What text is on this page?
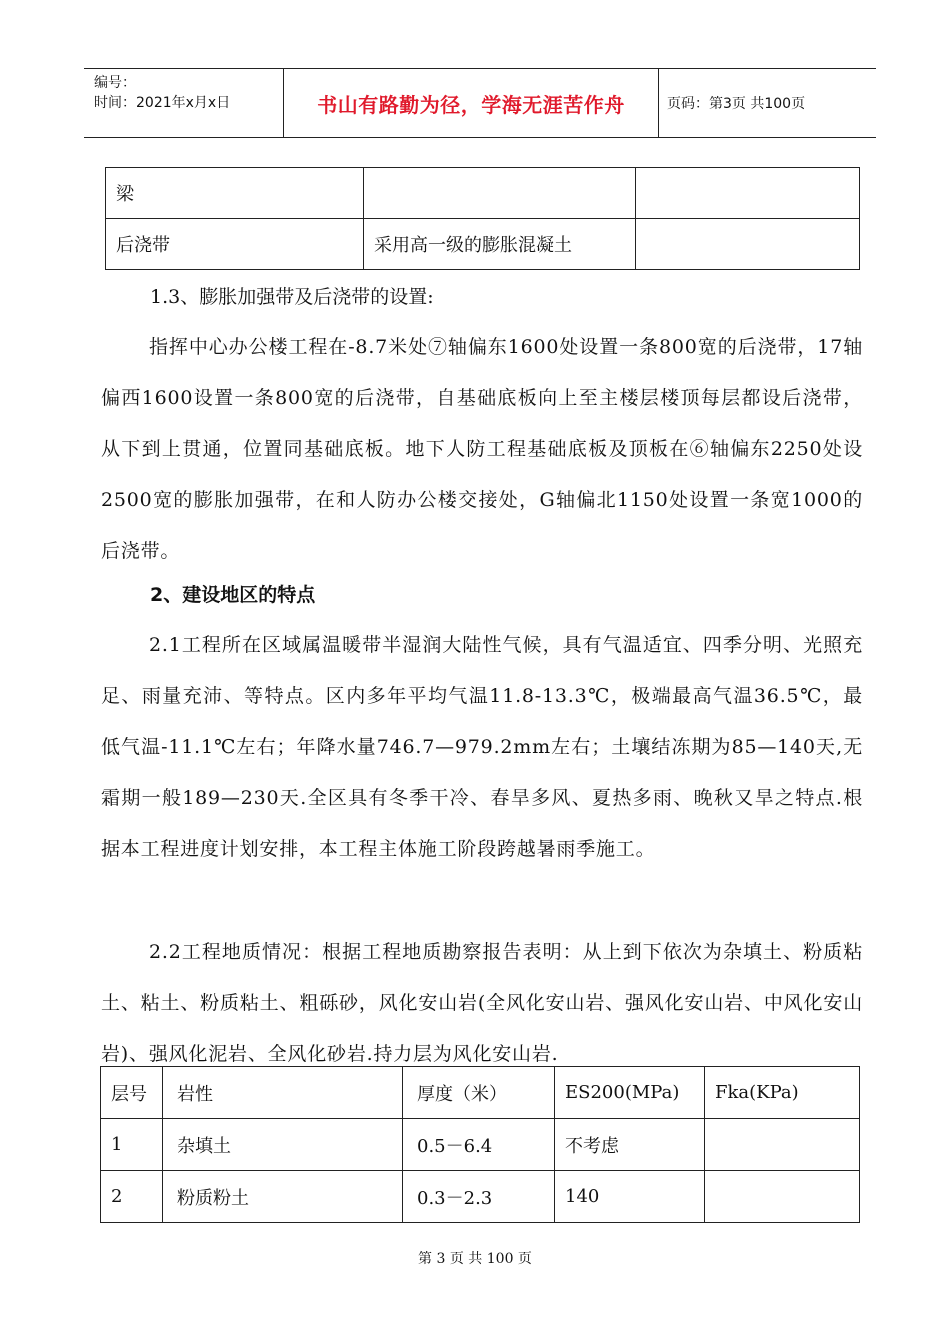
编号：
时间：2021年x月x日	书山有路勤为径，学海无涯苦作舟	页码：第3页 共100页
梁		
后浇带	采用高一级的膨胀混凝土	
1.3、膨胀加强带及后浇带的设置:
指挥中心办公楼工程在-8.7米处⑦轴偏东1600处设置一条800宽的后浇带，17轴偏西1600设置一条800宽的后浇带，自基础底板向上至主楼层楼顶每层都设后浇带，从下到上贯通，位置同基础底板。地下人防工程基础底板及顶板在⑥轴偏东2250处设2500宽的膨胀加强带，在和人防办公楼交接处，G轴偏北1150处设置一条宽1000的后浇带。
2、建设地区的特点
2.1工程所在区域属温暖带半湿润大陆性气候，具有气温适宜、四季分明、光照充足、雨量充沛、等特点。区内多年平均气温11.8-13.3℃，极端最高气温36.5℃，最低气温-11.1℃左右；年降水量746.7—979.2mm左右；土壤结冻期为85—140天,无霜期一般189—230天.全区具有冬季干冷、春旱多风、夏热多雨、晚秋又旱之特点.根据本工程进度计划安排，本工程主体施工阶段跨越暑雨季施工。
2.2工程地质情况：根据工程地质勘察报告表明：从上到下依次为杂填土、粉质粘土、粘土、粉质粘土、粗砾砂，风化安山岩(全风化安山岩、强风化安山岩、中风化安山岩)、强风化泥岩、全风化砂岩.持力层为风化安山岩.
层号	岩性	厚度（米）	ES200(MPa)	Fka(KPa)
1	杂填土	0.5－6.4	不考虑	
2	粉质粉土	0.3－2.3	140	
第 3 页 共 100 页
